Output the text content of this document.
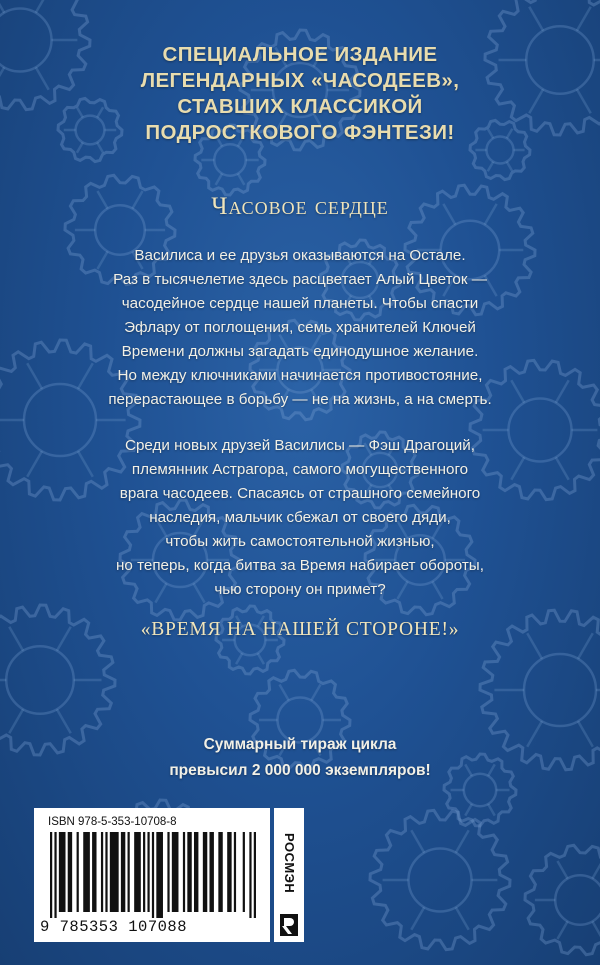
СПЕЦИАЛЬНОЕ ИЗДАНИЕ
ЛЕГЕНДАРНЫХ «ЧАСОДЕЕВ»,
СТАВШИХ КЛАССИКОЙ
ПОДРОСТКОВОГО ФЭНТЕЗИ!
Часовое сердце
Василиса и ее друзья оказываются на Остале.
Раз в тысячелетие здесь расцветает Алый Цветок —
часодейное сердце нашей планеты. Чтобы спасти
Эфлару от поглощения, семь хранителей Ключей
Времени должны загадать единодушное желание.
Но между ключниками начинается противостояние,
перерастающее в борьбу — не на жизнь, а на смерть.
Среди новых друзей Василисы — Фэш Драгоций,
племянник Астрагора, самого могущественного
врага часодеев. Спасаясь от страшного семейного
наследия, мальчик сбежал от своего дяди,
чтобы жить самостоятельной жизнью,
но теперь, когда битва за Время набирает обороты,
чью сторону он примет?
«ВРЕМЯ НА НАШЕЙ СТОРОНЕ!»
Суммарный тираж цикла
превысил 2 000 000 экземпляров!
ISBN 978-5-353-10708-8
9 785353 107088
РОСМЭН
